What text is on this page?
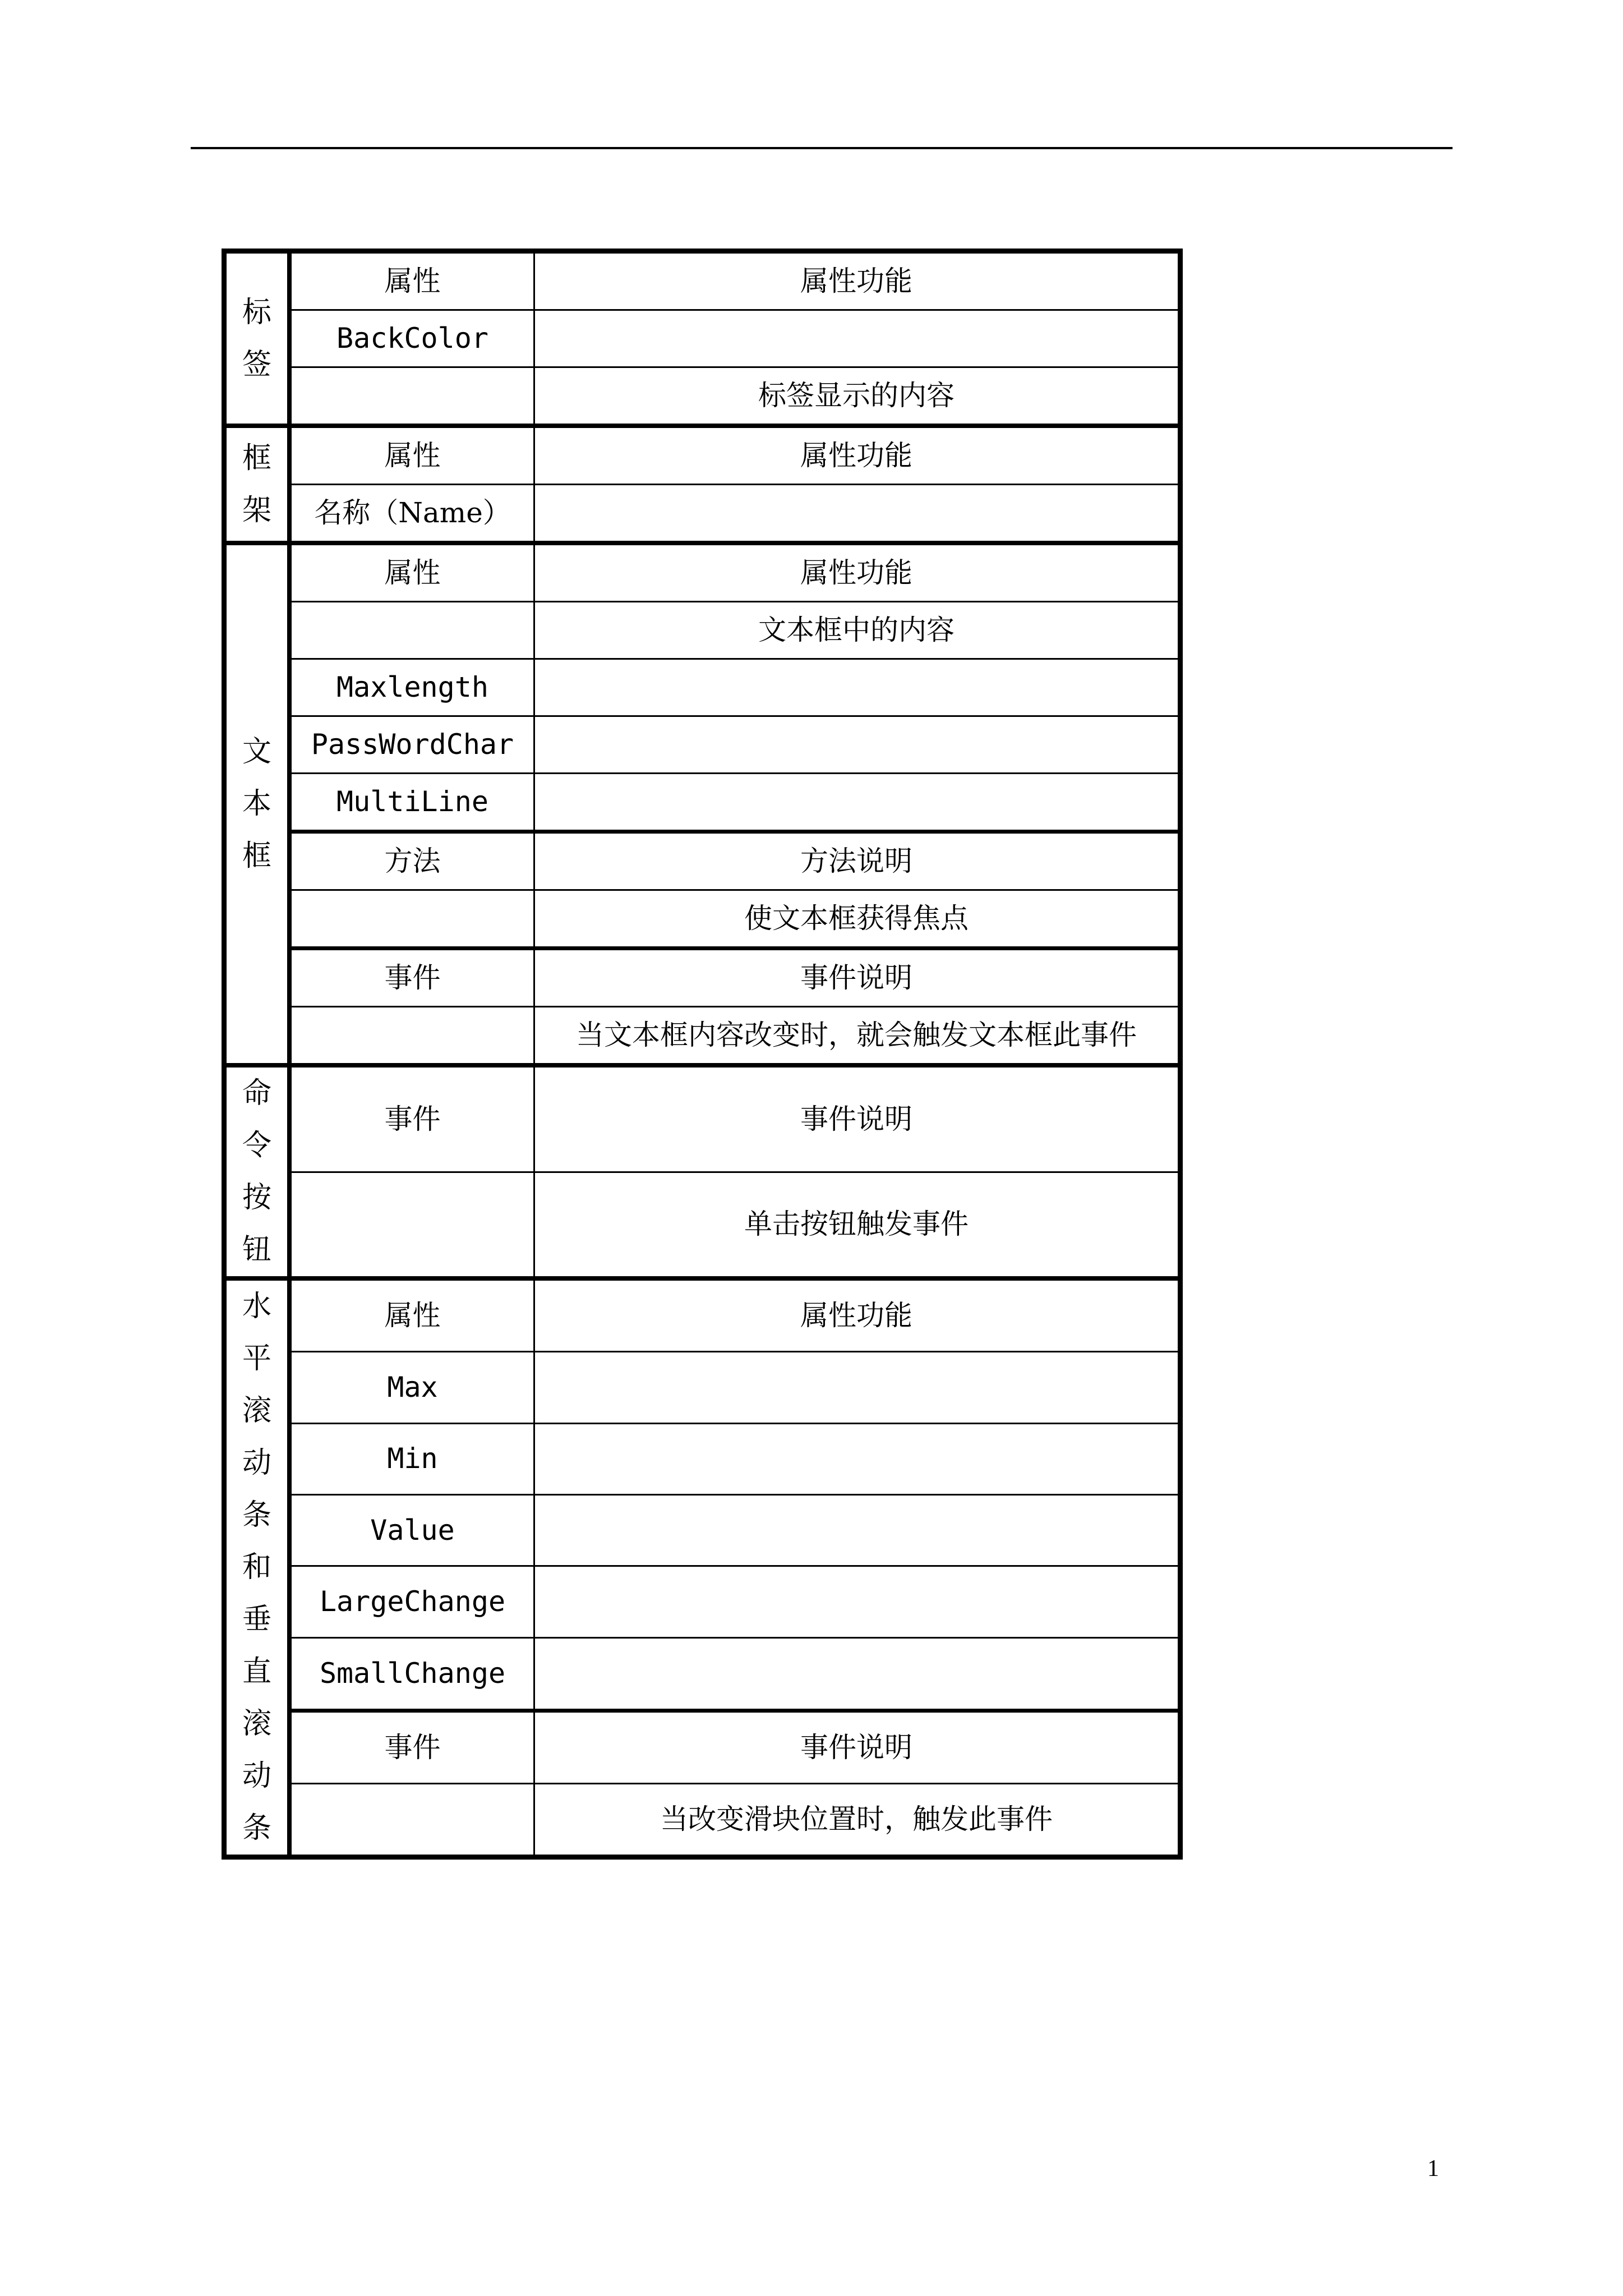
标签	属性	属性功能
	BackColor	
		标签显示的内容
框架	属性	属性功能
	名称（Name）	
文本框	属性	属性功能
		文本框中的内容
	Maxlength	
	PassWordChar	
	MultiLine	
	方法	方法说明
		使文本框获得焦点
	事件	事件说明
		当文本框内容改变时，就会触发文本框此事件
命令按钮	事件	事件说明
		单击按钮触发事件
水平滚动条和垂直滚动条	属性	属性功能
	Max	
	Min	
	Value	
	LargeChange	
	SmallChange	
	事件	事件说明
		当改变滑块位置时，触发此事件
1
